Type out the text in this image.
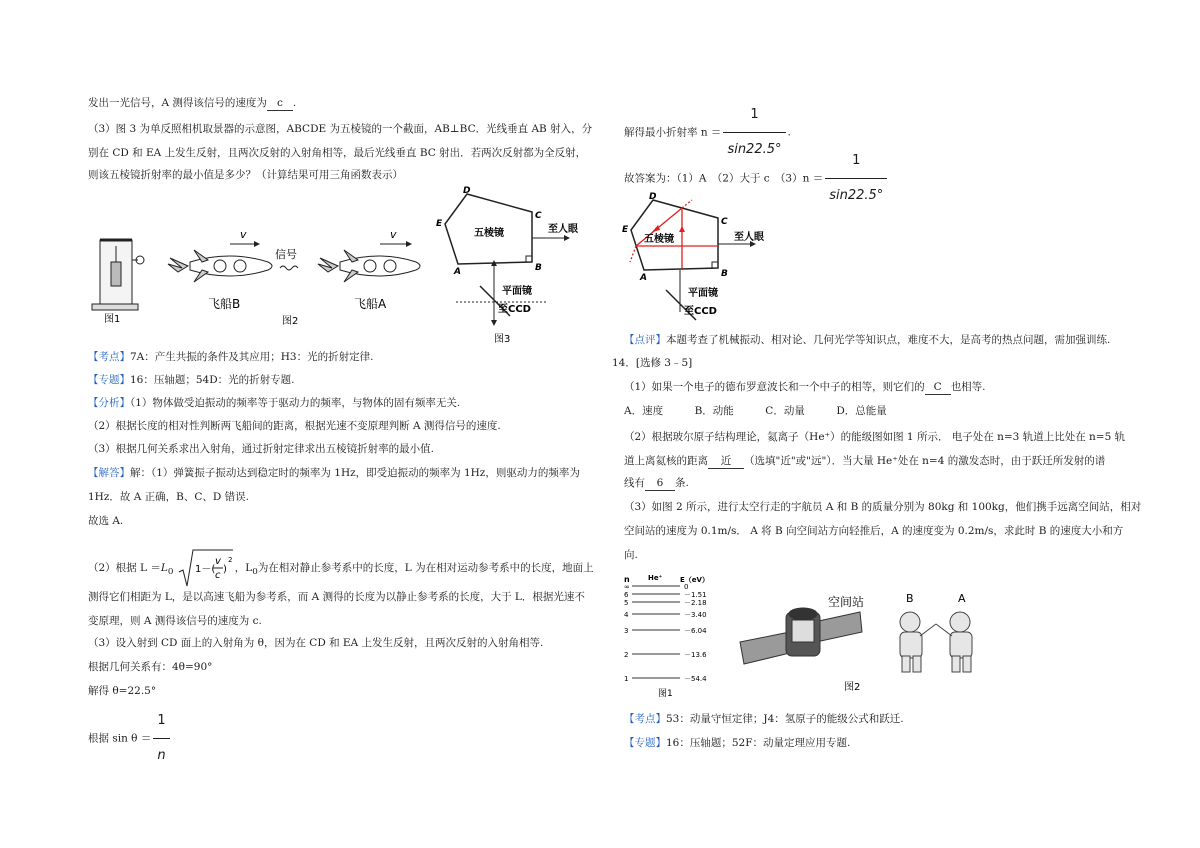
发出一光信号，A 测得该信号的速度为 c .
（3）图 3 为单反照相机取景器的示意图，ABCDE 为五棱镜的一个截面，AB⊥BC．光线垂直 AB 射入，分
别在 CD 和 EA 上发生反射，且两次反射的入射角相等，最后光线垂直 BC 射出．若两次反射都为全反射，
则该五棱镜折射率的最小值是多少？（计算结果可用三角函数表示）
v	v
信号
飞船B	飞船A
图1	图2
D
C
E
A	B
五棱镜	至人眼
平面镜
至CCD
图3
【考点】7A：产生共振的条件及其应用；H3：光的折射定律.
【专题】16：压轴题；54D：光的折射专题.
【分析】（1）物体做受迫振动的频率等于驱动力的频率，与物体的固有频率无关.
（2）根据长度的相对性判断两飞船间的距离，根据光速不变原理判断 A 测得信号的速度.
（3）根据几何关系求出入射角，通过折射定律求出五棱镜折射率的最小值.
【解答】解：（1）弹簧振子振动达到稳定时的频率为 1Hz，即受迫振动的频率为 1Hz，则驱动力的频率为
1Hz．故 A 正确，B、C、D 错误.
故选 A.
（2）根据 $L =L_0$ 1－(
v
c
)
2
，$L_0$为在相对静止参考系中的长度，L 为在相对运动参考系中的长度，地面上
测得它们相距为 L，是以高速飞船为参考系，而 A 测得的长度为以静止参考系的长度，大于 L．根据光速不
变原理，则 A 测得该信号的速度为 c.
（3）设入射到 CD 面上的入射角为 θ，因为在 CD 和 EA 上发生反射，且两次反射的入射角相等.
根据几何关系有：4θ=90°
解得 θ=22.5°
根据 $\sin \theta = \frac{1}{n}$
解得最小折射率 $n = \frac{1}{\sin 22.5^\circ}$ .
故答案为：（1）A　（2）大于 c　$(3)n = \frac{1}{\sin 22.5^\circ}$
D
C
E
A	B
五棱镜	至人眼
平面镜
至CCD
【点评】本题考查了机械振动、相对论、几何光学等知识点，难度不大，是高考的热点问题，需加强训练.
14．[选修 3﹣5]
（1）如果一个电子的德布罗意波长和一个中子的相等，则它们的 C 也相等.
A．速度　　　B．动能　　　C．动量　　　D．总能量
（2）根据玻尔原子结构理论，氦离子（He⁺）的能级图如图 1 所示． 电子处在 n=3 轨道上比处在 n=5 轨
道上离氦核的距离 近 （选填"近"或"远"）．当大量 He⁺处在 n=4 的激发态时，由于跃迁所发射的谱
线有 6 条.
（3）如图 2 所示，进行太空行走的宇航员 A 和 B 的质量分别为 80kg 和 100kg，他们携手远离空间站，相对
空间站的速度为 0.1m/s． A 将 B 向空间站方向轻推后，A 的速度变为 0.2m/s，求此时 B 的速度大小和方
向.
n	He⁺	E（eV）
图1
∞	0
6	－1.51
5	－2.18
4	－3.40
3	－6.04
2	－13.6
1	－54.4
空间站	B	A
图2
【考点】53：动量守恒定律；J4：氢原子的能级公式和跃迁.
【专题】16：压轴题；52F：动量定理应用专题.
